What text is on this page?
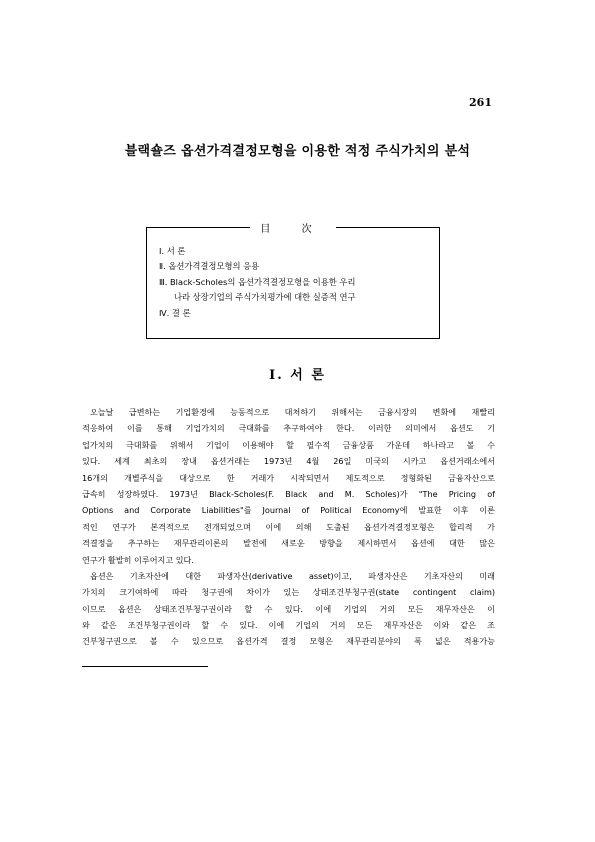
261
블랙숄즈 옵션가격결정모형을 이용한 적정 주식가치의 분석
目 次
Ⅰ. 서 론
Ⅱ. 옵션가격결정모형의 응용
Ⅲ. Black-Scholes의 옵션가격결정모형을 이용한 우리
나라 상장기업의 주식가치평가에 대한 실증적 연구
Ⅳ. 결 론
Ⅰ. 서 론
오늘날 급변하는 기업환경에 능동적으로 대처하기 위해서는 금융시장의 변화에 재빨리
적응하여 이를 통해 기업가치의 극대화를 추구하여야 한다. 이러한 의미에서 옵션도 기
업가치의 극대화를 위해서 기업이 이용해야 할 필수적 금융상품 가운데 하나라고 볼 수
있다. 세계 최초의 장내 옵션거래는 1973년 4월 26일 미국의 시카고 옵션거래소에서
16개의 개별주식을 대상으로 한 거래가 시작되면서 제도적으로 정형화된 금융자산으로
급속히 성장하였다. 1973년 Black-Scholes(F. Black and M. Scholes)가 "The Pricing of
Options and Corporate Liabilities"를 Journal of Political Economy에 발표한 이후 이론
적인 연구가 본격적으로 전개되었으며 이에 의해 도출된 옵션가격결정모형은 합리적 가
격결정을 추구하는 재무관리이론의 발전에 새로운 방향을 제시하면서 옵션에 대한 많은
연구가 활발히 이루어지고 있다.
옵션은 기초자산에 대한 파생자산(derivative asset)이고, 파생자산은 기초자산의 미래
가치의 크기여하에 따라 청구권에 차이가 있는 상태조건부청구권(state contingent claim)
이므로 옵션은 상태조건부청구권이라 할 수 있다. 이에 기업의 거의 모든 재무자산은 이
와 같은 조건부청구권이라 할 수 있다. 이에 기업의 거의 모든 재무자산은 이와 같은 조
건부청구권으로 볼 수 있으므로 옵션가격 결정 모형은 재무관리분야의 폭 넓은 적용가능
